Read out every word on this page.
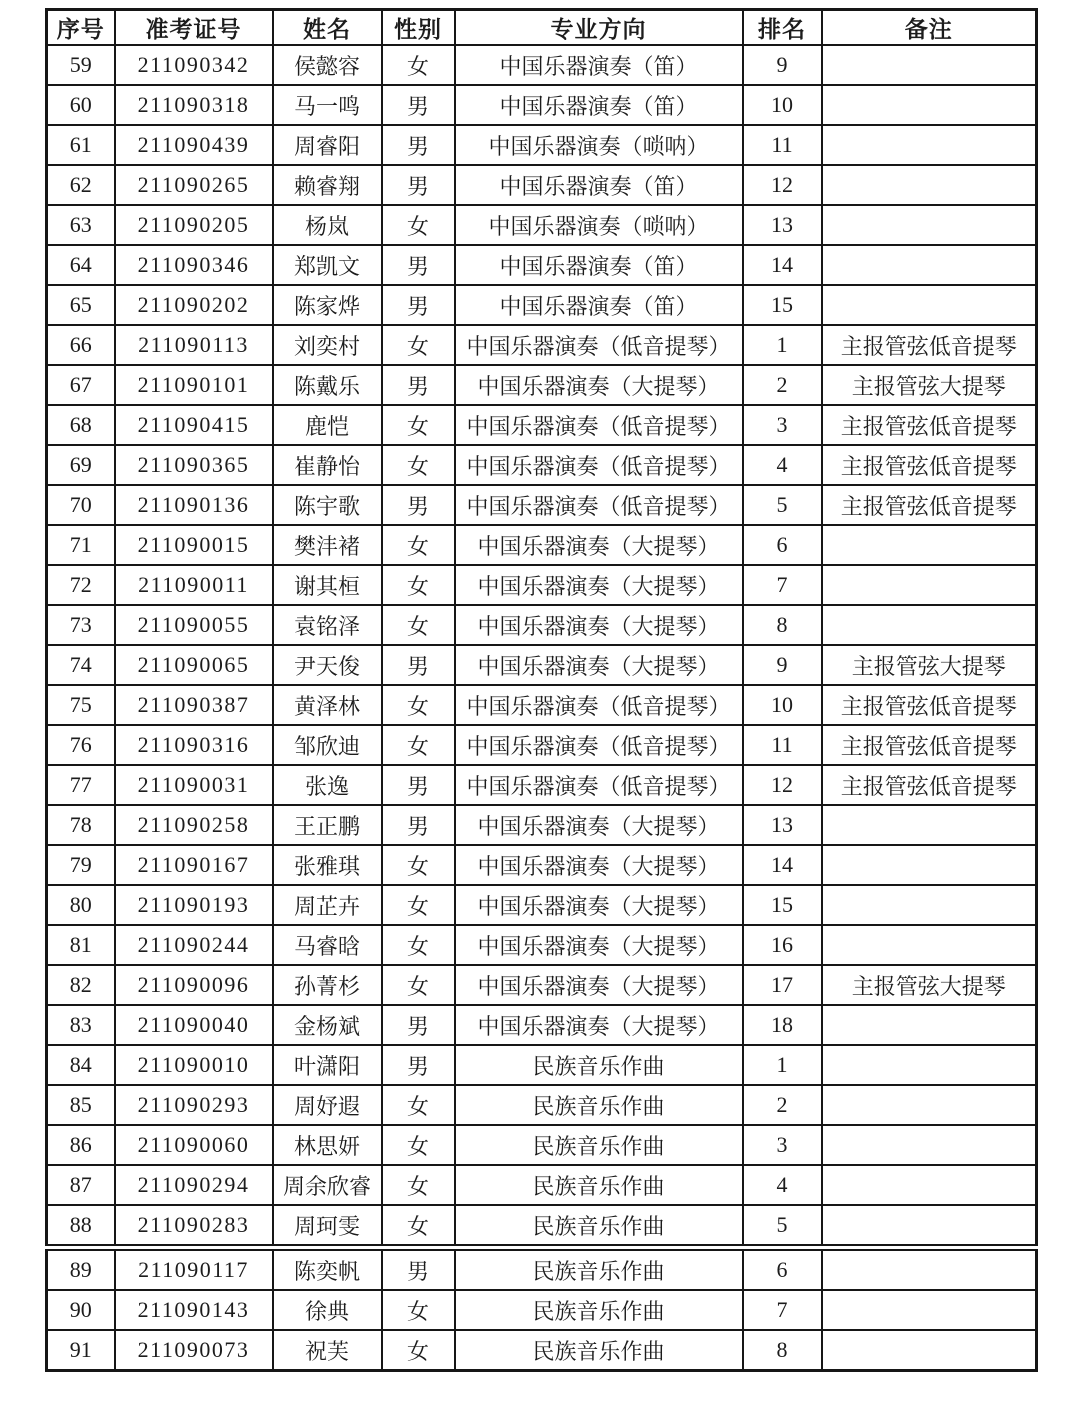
序号	准考证号	姓名	性别	专业方向	排名	备注
59	211090342	侯懿容	女	中国乐器演奏（笛）	9	
60	211090318	马一鸣	男	中国乐器演奏（笛）	10	
61	211090439	周睿阳	男	中国乐器演奏（唢呐）	11	
62	211090265	赖睿翔	男	中国乐器演奏（笛）	12	
63	211090205	杨岚	女	中国乐器演奏（唢呐）	13	
64	211090346	郑凯文	男	中国乐器演奏（笛）	14	
65	211090202	陈家烨	男	中国乐器演奏（笛）	15	
66	211090113	刘奕村	女	中国乐器演奏（低音提琴）	1	主报管弦低音提琴
67	211090101	陈戴乐	男	中国乐器演奏（大提琴）	2	主报管弦大提琴
68	211090415	鹿恺	女	中国乐器演奏（低音提琴）	3	主报管弦低音提琴
69	211090365	崔静怡	女	中国乐器演奏（低音提琴）	4	主报管弦低音提琴
70	211090136	陈宇歌	男	中国乐器演奏（低音提琴）	5	主报管弦低音提琴
71	211090015	樊沣褚	女	中国乐器演奏（大提琴）	6	
72	211090011	谢其桓	女	中国乐器演奏（大提琴）	7	
73	211090055	袁铭泽	女	中国乐器演奏（大提琴）	8	
74	211090065	尹天俊	男	中国乐器演奏（大提琴）	9	主报管弦大提琴
75	211090387	黄泽林	女	中国乐器演奏（低音提琴）	10	主报管弦低音提琴
76	211090316	邹欣迪	女	中国乐器演奏（低音提琴）	11	主报管弦低音提琴
77	211090031	张逸	男	中国乐器演奏（低音提琴）	12	主报管弦低音提琴
78	211090258	王正鹏	男	中国乐器演奏（大提琴）	13	
79	211090167	张雅琪	女	中国乐器演奏（大提琴）	14	
80	211090193	周芷卉	女	中国乐器演奏（大提琴）	15	
81	211090244	马睿晗	女	中国乐器演奏（大提琴）	16	
82	211090096	孙菁杉	女	中国乐器演奏（大提琴）	17	主报管弦大提琴
83	211090040	金杨斌	男	中国乐器演奏（大提琴）	18	
84	211090010	叶潇阳	男	民族音乐作曲	1	
85	211090293	周妤遐	女	民族音乐作曲	2	
86	211090060	林思妍	女	民族音乐作曲	3	
87	211090294	周余欣睿	女	民族音乐作曲	4	
88	211090283	周珂雯	女	民族音乐作曲	5	
89	211090117	陈奕帆	男	民族音乐作曲	6	
90	211090143	徐典	女	民族音乐作曲	7	
91	211090073	祝芙	女	民族音乐作曲	8	
